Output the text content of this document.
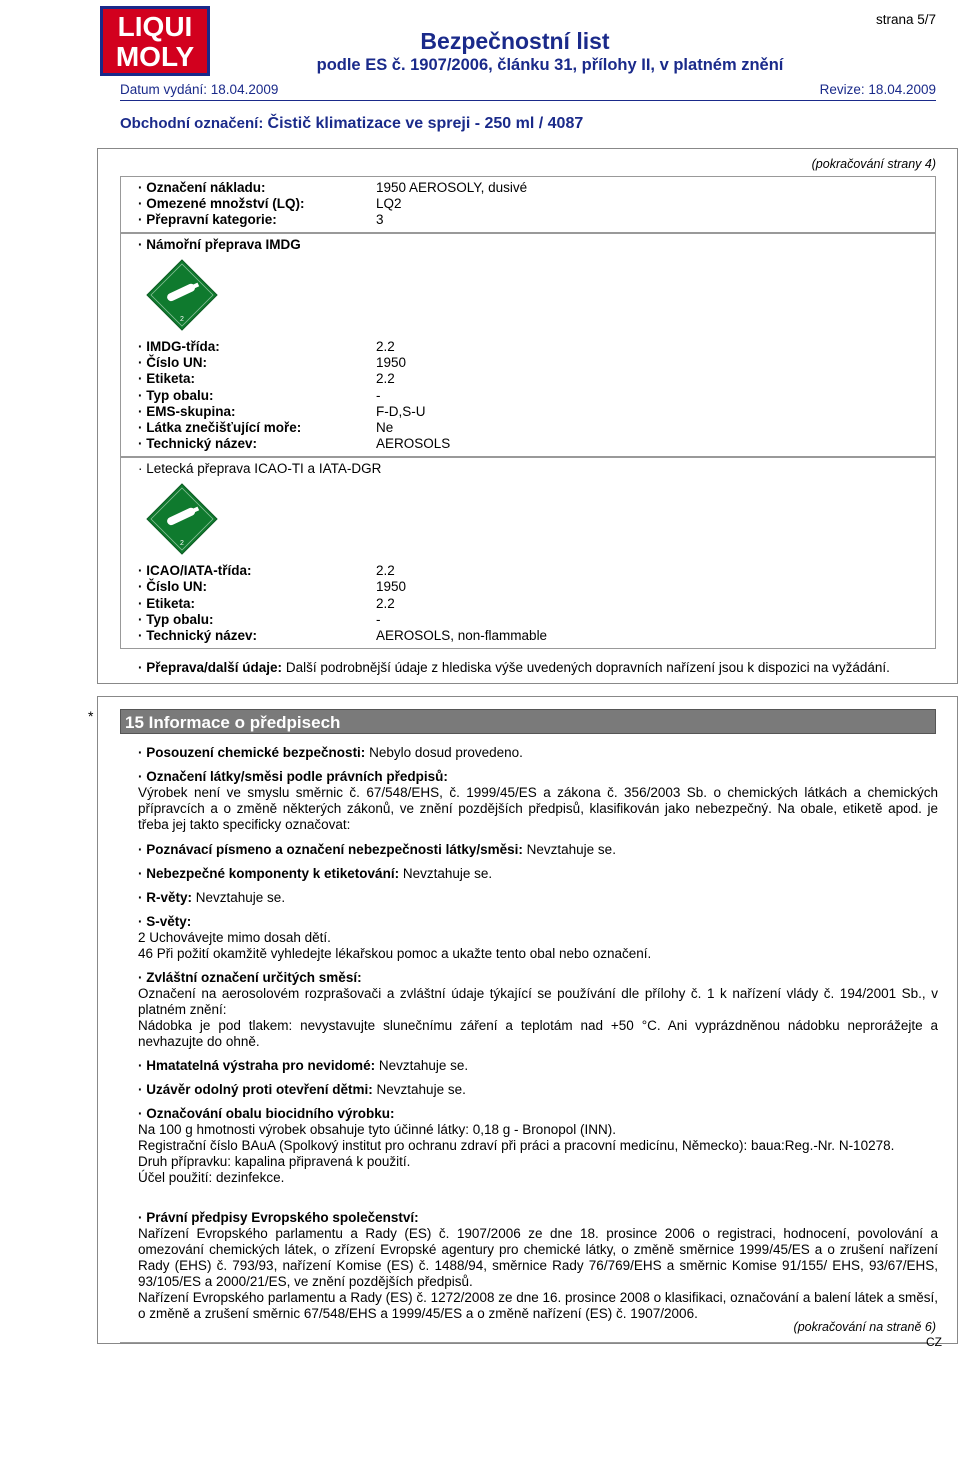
LIQUI
MOLY
strana 5/7
Bezpečnostní list
podle ES č. 1907/2006, článku 31, přílohy II, v platném znění
Datum vydání: 18.04.2009	Revize: 18.04.2009
Obchodní označení: Čistič klimatizace ve spreji - 250 ml / 4087
(pokračování strany 4)
· Označení nákladu:	1950 AEROSOLY, dusivé
· Omezené množství (LQ):	LQ2
· Přepravní kategorie:	3
· Námořní přeprava IMDG
2
· IMDG-třída:	2.2
· Číslo UN:	1950
· Etiketa:	2.2
· Typ obalu:	-
· EMS-skupina:	F-D,S-U
· Látka znečišťující moře:	Ne
· Technický název:	AEROSOLS
· Letecká přeprava ICAO-TI a IATA-DGR
2
· ICAO/IATA-třída:	2.2
· Číslo UN:	1950
· Etiketa:	2.2
· Typ obalu:	-
· Technický název:	AEROSOLS, non-flammable
· Přeprava/další údaje: Další podrobnější údaje z hlediska výše uvedených dopravních nařízení jsou k dispozici na vyžádání.
* 15 Informace o předpisech
· Posouzení chemické bezpečnosti: Nebylo dosud provedeno.
· Označení látky/směsi podle právních předpisů:

Výrobek není ve smyslu směrnic č. 67/548/EHS, č. 1999/45/ES a zákona č. 356/2003 Sb. o chemických látkách a chemických přípravcích a o změně některých zákonů, ve znění pozdějších předpisů, klasifikován jako nebezpečný. Na obale, etiketě apod. je třeba jej takto specificky označovat:
· Poznávací písmeno a označení nebezpečnosti látky/směsi: Nevztahuje se.
· Nebezpečné komponenty k etiketování: Nevztahuje se.
· R-věty: Nevztahuje se.
· S-věty:
2 Uchovávejte mimo dosah dětí.
46 Při požití okamžitě vyhledejte lékařskou pomoc a ukažte tento obal nebo označení.
· Zvláštní označení určitých směsí:
Označení na aerosolovém rozprašovači a zvláštní údaje týkající se používání dle přílohy č. 1 k nařízení vlády č. 194/2001 Sb., v platném znění:
Nádobka je pod tlakem: nevystavujte slunečnímu záření a teplotám nad +50 °C. Ani vyprázdněnou nádobku neprorážejte a nevhazujte do ohně.
· Hmatatelná výstraha pro nevidomé: Nevztahuje se.
· Uzávěr odolný proti otevření dětmi: Nevztahuje se.
· Označování obalu biocidního výrobku:
Na 100 g hmotnosti výrobek obsahuje tyto účinné látky: 0,18 g - Bronopol (INN).
Registrační číslo BAuA (Spolkový institut pro ochranu zdraví při práci a pracovní medicínu, Německo): baua:Reg.-Nr. N-10278.
Druh přípravku: kapalina připravená k použití.
Účel použití: dezinfekce.
· Právní předpisy Evropského společenství:
Nařízení Evropského parlamentu a Rady (ES) č. 1907/2006 ze dne 18. prosince 2006 o registraci, hodnocení, povolování a omezování chemických látek, o zřízení Evropské agentury pro chemické látky, o změně směrnice 1999/45/ES a o zrušení nařízení Rady (EHS) č. 793/93, nařízení Komise (ES) č. 1488/94, směrnice Rady 76/769/EHS a směrnic Komise 91/155/ EHS, 93/67/EHS, 93/105/ES a 2000/21/ES, ve znění pozdějších předpisů.
Nařízení Evropského parlamentu a Rady (ES) č. 1272/2008 ze dne 16. prosince 2008 o klasifikaci, označování a balení látek a směsí, o změně a zrušení směrnic 67/548/EHS a 1999/45/ES a o změně nařízení (ES) č. 1907/2006.
(pokračování na straně 6)
CZ
